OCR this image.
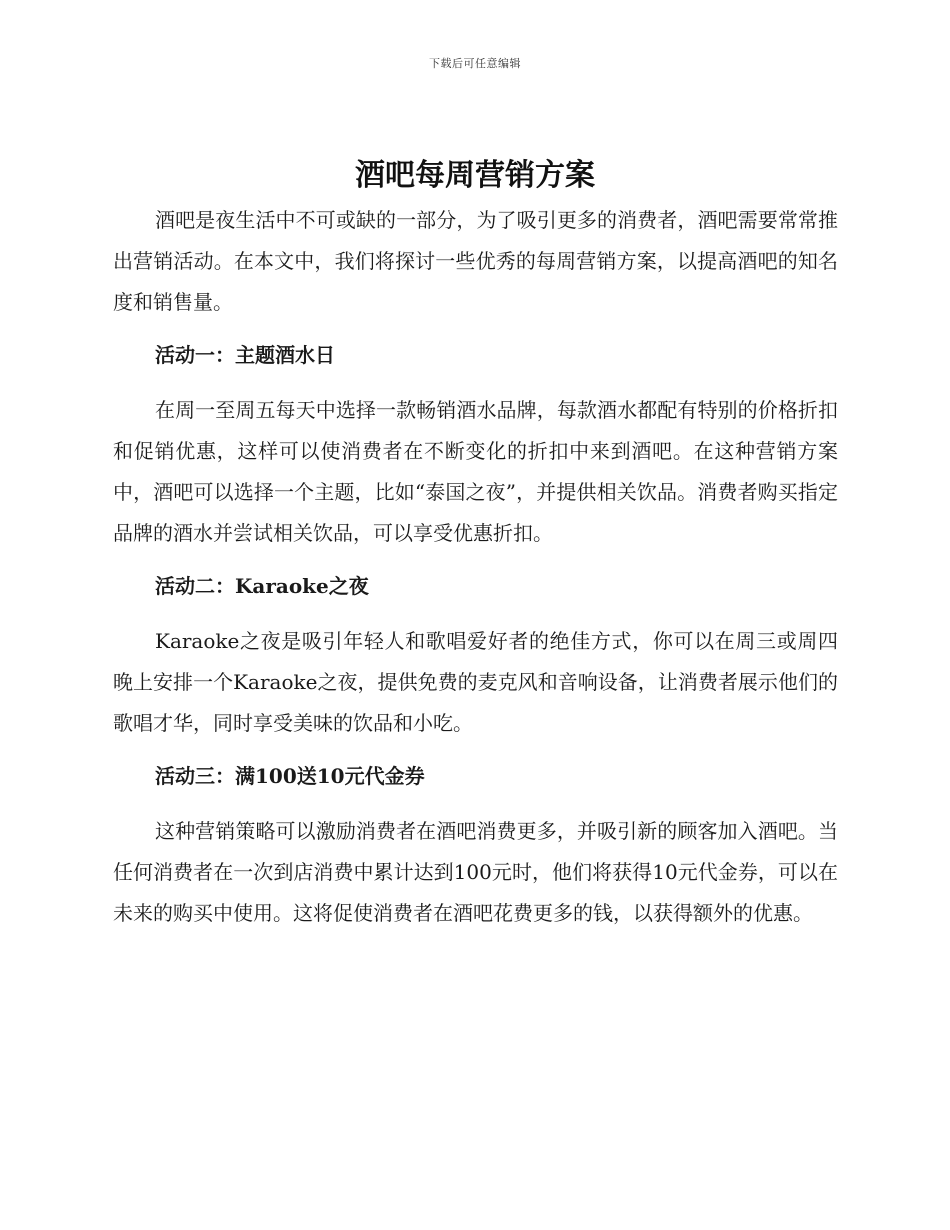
下载后可任意编辑
酒吧每周营销方案

酒吧是夜生活中不可或缺的一部分，为了吸引更多的消费者，酒吧需要常常推出营销活动。在本文中，我们将探讨一些优秀的每周营销方案，以提高酒吧的知名度和销售量。

活动一：主题酒水日

在周一至周五每天中选择一款畅销酒水品牌，每款酒水都配有特别的价格折扣和促销优惠，这样可以使消费者在不断变化的折扣中来到酒吧。在这种营销方案中，酒吧可以选择一个主题，比如“泰国之夜”，并提供相关饮品。消费者购买指定品牌的酒水并尝试相关饮品，可以享受优惠折扣。

活动二：Karaoke之夜

Karaoke之夜是吸引年轻人和歌唱爱好者的绝佳方式，你可以在周三或周四晚上安排一个Karaoke之夜，提供免费的麦克风和音响设备，让消费者展示他们的歌唱才华，同时享受美味的饮品和小吃。

活动三：满100送10元代金券

这种营销策略可以激励消费者在酒吧消费更多，并吸引新的顾客加入酒吧。当任何消费者在一次到店消费中累计达到100元时，他们将获得10元代金券，可以在未来的购买中使用。这将促使消费者在酒吧花费更多的钱，以获得额外的优惠。
